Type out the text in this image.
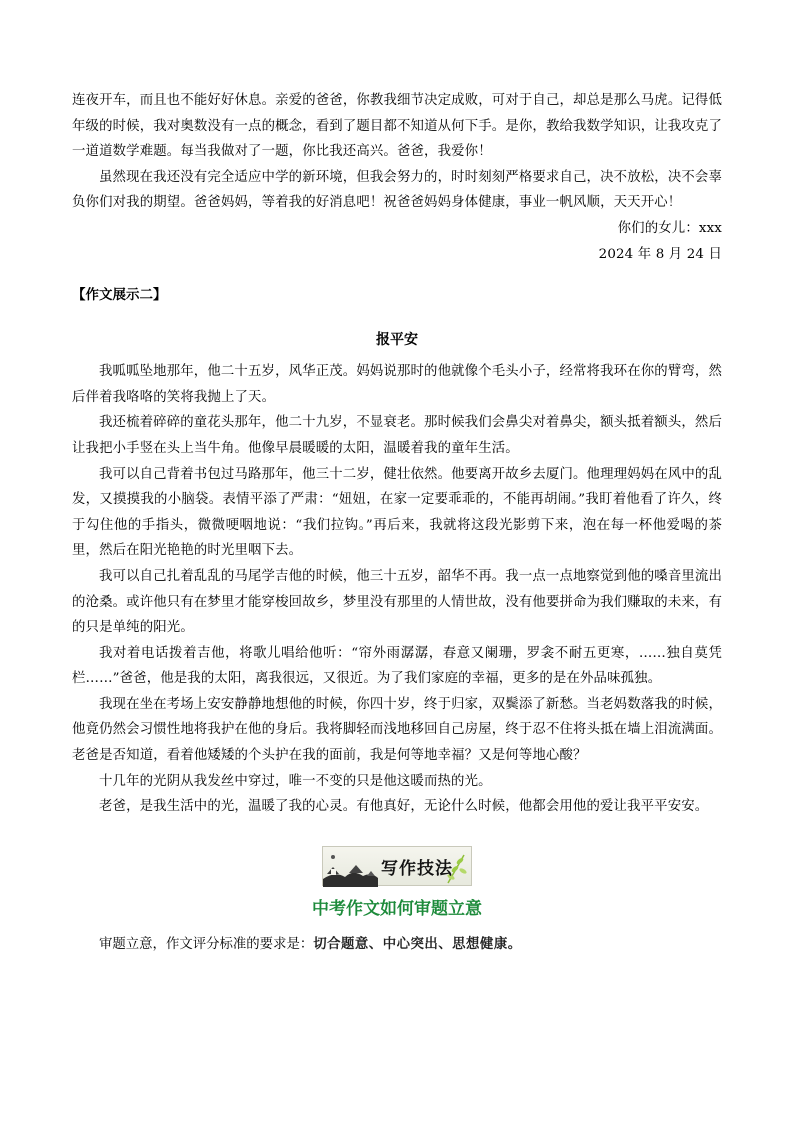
连夜开车，而且也不能好好休息。亲爱的爸爸，你教我细节决定成败，可对于自己，却总是那么马虎。记得低年级的时候，我对奥数没有一点的概念，看到了题目都不知道从何下手。是你，教给我数学知识，让我攻克了一道道数学难题。每当我做对了一题，你比我还高兴。爸爸，我爱你！

虽然现在我还没有完全适应中学的新环境，但我会努力的，时时刻刻严格要求自己，决不放松，决不会辜负你们对我的期望。爸爸妈妈，等着我的好消息吧！祝爸爸妈妈身体健康，事业一帆风顺，天天开心！

你们的女儿：xxx

2024 年 8 月 24 日

【作文展示二】
报平安

我呱呱坠地那年，他二十五岁，风华正茂。妈妈说那时的他就像个毛头小子，经常将我环在你的臂弯，然后伴着我咯咯的笑将我抛上了天。

我还梳着碎碎的童花头那年，他二十九岁，不显衰老。那时候我们会鼻尖对着鼻尖，额头抵着额头，然后让我把小手竖在头上当牛角。他像早晨暖暖的太阳，温暖着我的童年生活。

我可以自己背着书包过马路那年，他三十二岁，健壮依然。他要离开故乡去厦门。他理理妈妈在风中的乱发，又摸摸我的小脑袋。表情平添了严肃：“妞妞，在家一定要乖乖的，不能再胡闹。”我盯着他看了许久，终于勾住他的手指头，微微哽咽地说：“我们拉钩。”再后来，我就将这段光影剪下来，泡在每一杯他爱喝的茶里，然后在阳光艳艳的时光里咽下去。

我可以自己扎着乱乱的马尾学吉他的时候，他三十五岁，韶华不再。我一点一点地察觉到他的嗓音里流出的沧桑。或许他只有在梦里才能穿梭回故乡，梦里没有那里的人情世故，没有他要拼命为我们赚取的未来，有的只是单纯的阳光。

我对着电话拨着吉他，将歌儿唱给他听：“帘外雨潺潺，春意又阑珊，罗衾不耐五更寒，……独自莫凭栏……”爸爸，他是我的太阳，离我很远，又很近。为了我们家庭的幸福，更多的是在外品味孤独。

我现在坐在考场上安安静静地想他的时候，你四十岁，终于归家，双鬓添了新愁。当老妈数落我的时候，他竟仍然会习惯性地将我护在他的身后。我将脚轻而浅地移回自己房屋，终于忍不住将头抵在墙上泪流满面。老爸是否知道，看着他矮矮的个头护在我的面前，我是何等地幸福？又是何等地心酸？

十几年的光阴从我发丝中穿过，唯一不变的只是他这暖而热的光。

老爸，是我生活中的光，温暖了我的心灵。有他真好，无论什么时候，他都会用他的爱让我平平安安。

写作技法
中考作文如何审题立意
审题立意，作文评分标准的要求是：切合题意、中心突出、思想健康。
